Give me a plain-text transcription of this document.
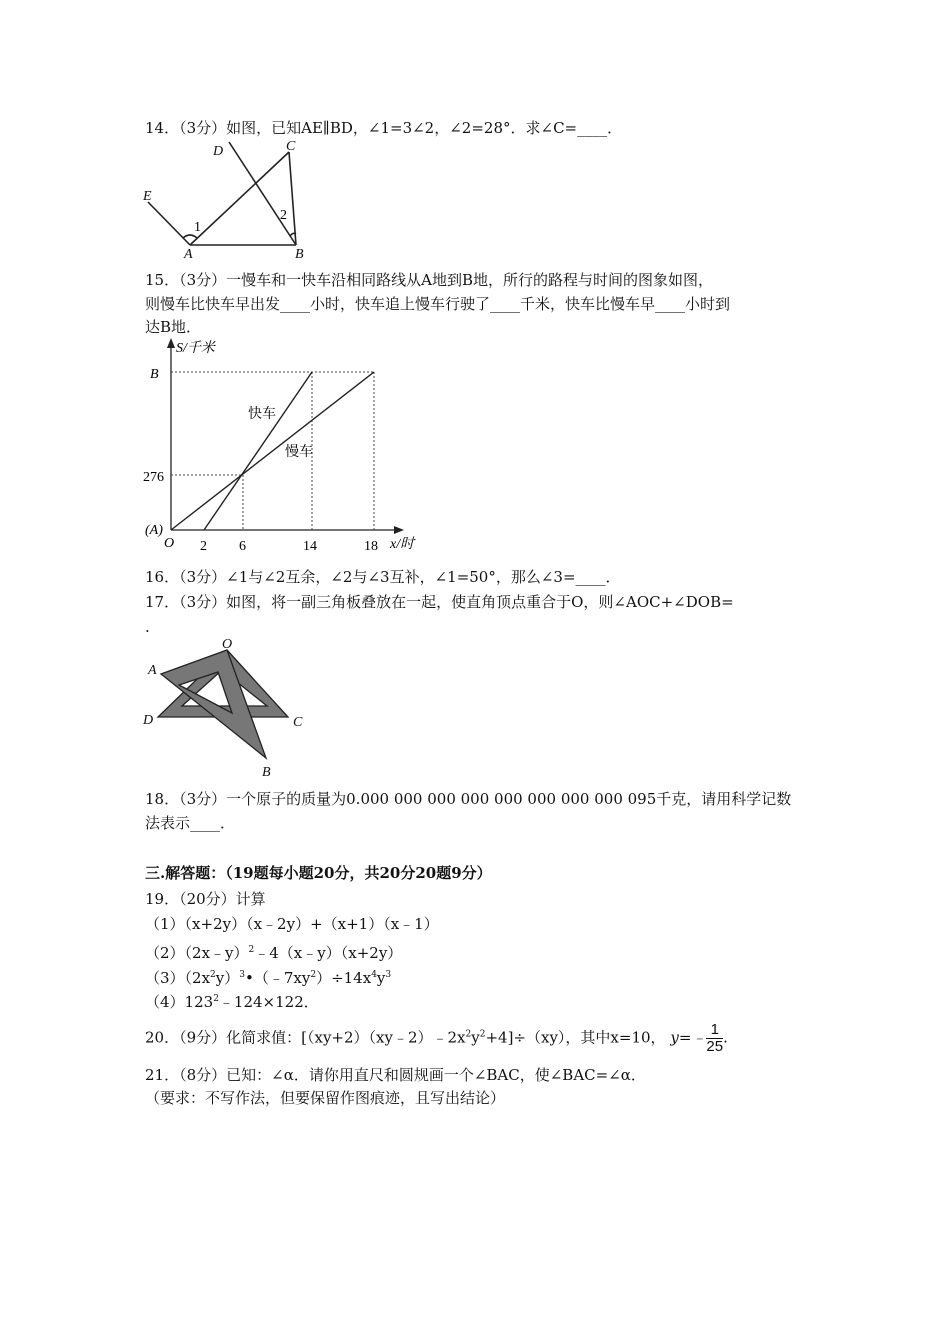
14．（3分）如图，已知AE∥BD，∠1=3∠2，∠2=28°．求∠C=____．
E
D	C
A	B
1
2
S/千米
B
276
(A)
O 2 6	14	18 x/时
快车
慢车
O
A
D	C
B
15．（3分）一慢车和一快车沿相同路线从A地到B地，所行的路程与时间的图象如图，
则慢车比快车早出发____小时，快车追上慢车行驶了____千米，快车比慢车早____小时到
达B地．
16．（3分）∠1与∠2互余，∠2与∠3互补，∠1=50°，那么∠3=____．
17．（3分）如图，将一副三角板叠放在一起，使直角顶点重合于O，则∠AOC+∠DOB=
.
18．（3分）一个原子的质量为0.000 000 000 000 000 000 000 000 095千克，请用科学记数
法表示____．
三.解答题：（19题每小题20分，共20分20题9分）
19．（20分）计算
（1）（x+2y）（x﹣2y）+（x+1）（x﹣1）
（2）（2x﹣y）$^2$﹣4（x﹣y）（x+2y）
$(3)(2x^2y)^3•(﹣7xy^2)\div 14x^4y^3$
$(4)123^2﹣124\times 122$．
20．（9分）化简求值：$[(xy+2)(xy﹣2)﹣2x^2y^2+4]\div(xy)$，其中x=10， y=﹣ $\frac{1}{25}$ .
21．（8分）已知：∠α．请你用直尺和圆规画一个∠BAC，使∠BAC=∠α．
（要求：不写作法，但要保留作图痕迹，且写出结论）
